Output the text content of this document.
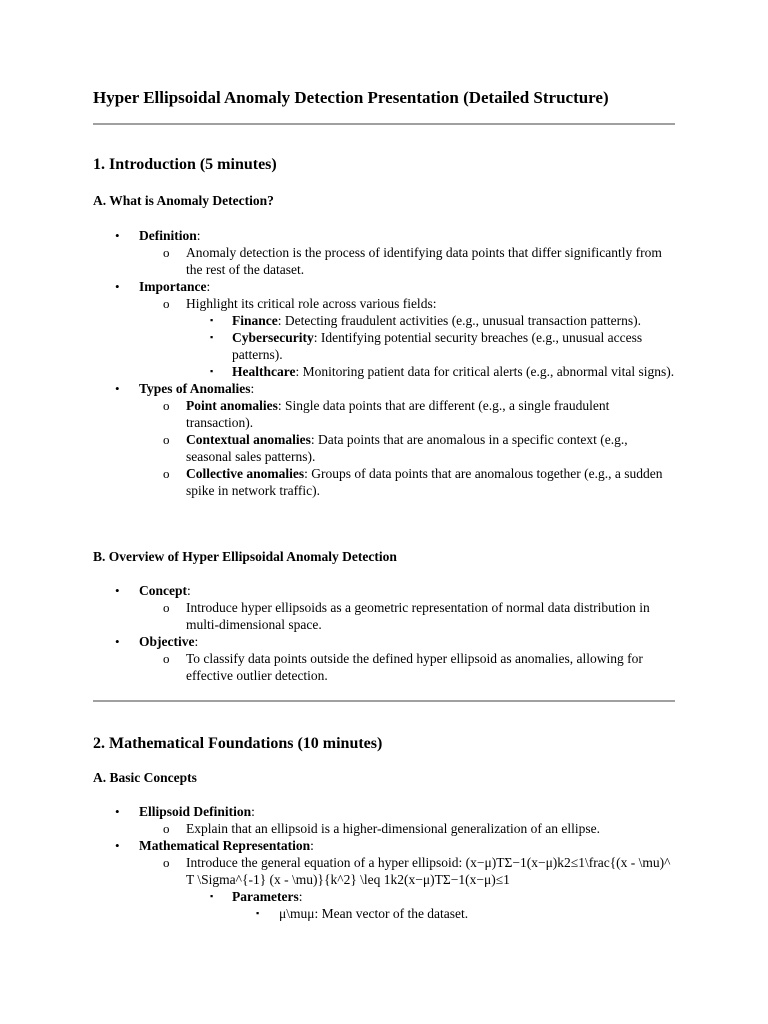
Hyper Ellipsoidal Anomaly Detection Presentation (Detailed Structure)
1. Introduction (5 minutes)
A. What is Anomaly Detection?
• Definition:
o Anomaly detection is the process of identifying data points that differ significantly from the rest of the dataset.
• Importance:
o Highlight its critical role across various fields:
▪ Finance: Detecting fraudulent activities (e.g., unusual transaction patterns).
▪ Cybersecurity: Identifying potential security breaches (e.g., unusual access patterns).
▪ Healthcare: Monitoring patient data for critical alerts (e.g., abnormal vital signs).
• Types of Anomalies:
o Point anomalies: Single data points that are different (e.g., a single fraudulent transaction).
o Contextual anomalies: Data points that are anomalous in a specific context (e.g., seasonal sales patterns).
o Collective anomalies: Groups of data points that are anomalous together (e.g., a sudden spike in network traffic).
B. Overview of Hyper Ellipsoidal Anomaly Detection
• Concept:
o Introduce hyper ellipsoids as a geometric representation of normal data distribution in multi-dimensional space.
• Objective:
o To classify data points outside the defined hyper ellipsoid as anomalies, allowing for effective outlier detection.
2. Mathematical Foundations (10 minutes)
A. Basic Concepts
• Ellipsoid Definition:
o Explain that an ellipsoid is a higher-dimensional generalization of an ellipse.
• Mathematical Representation:
o Introduce the general equation of a hyper ellipsoid: (x−μ)TΣ−1(x−μ)k2≤1\frac{(x - \mu)^T \Sigma^{-1} (x - \mu)}{k^2} \leq 1k2(x−μ)TΣ−1(x−μ)≤1
▪ Parameters:
▪ μ\muμ: Mean vector of the dataset.
